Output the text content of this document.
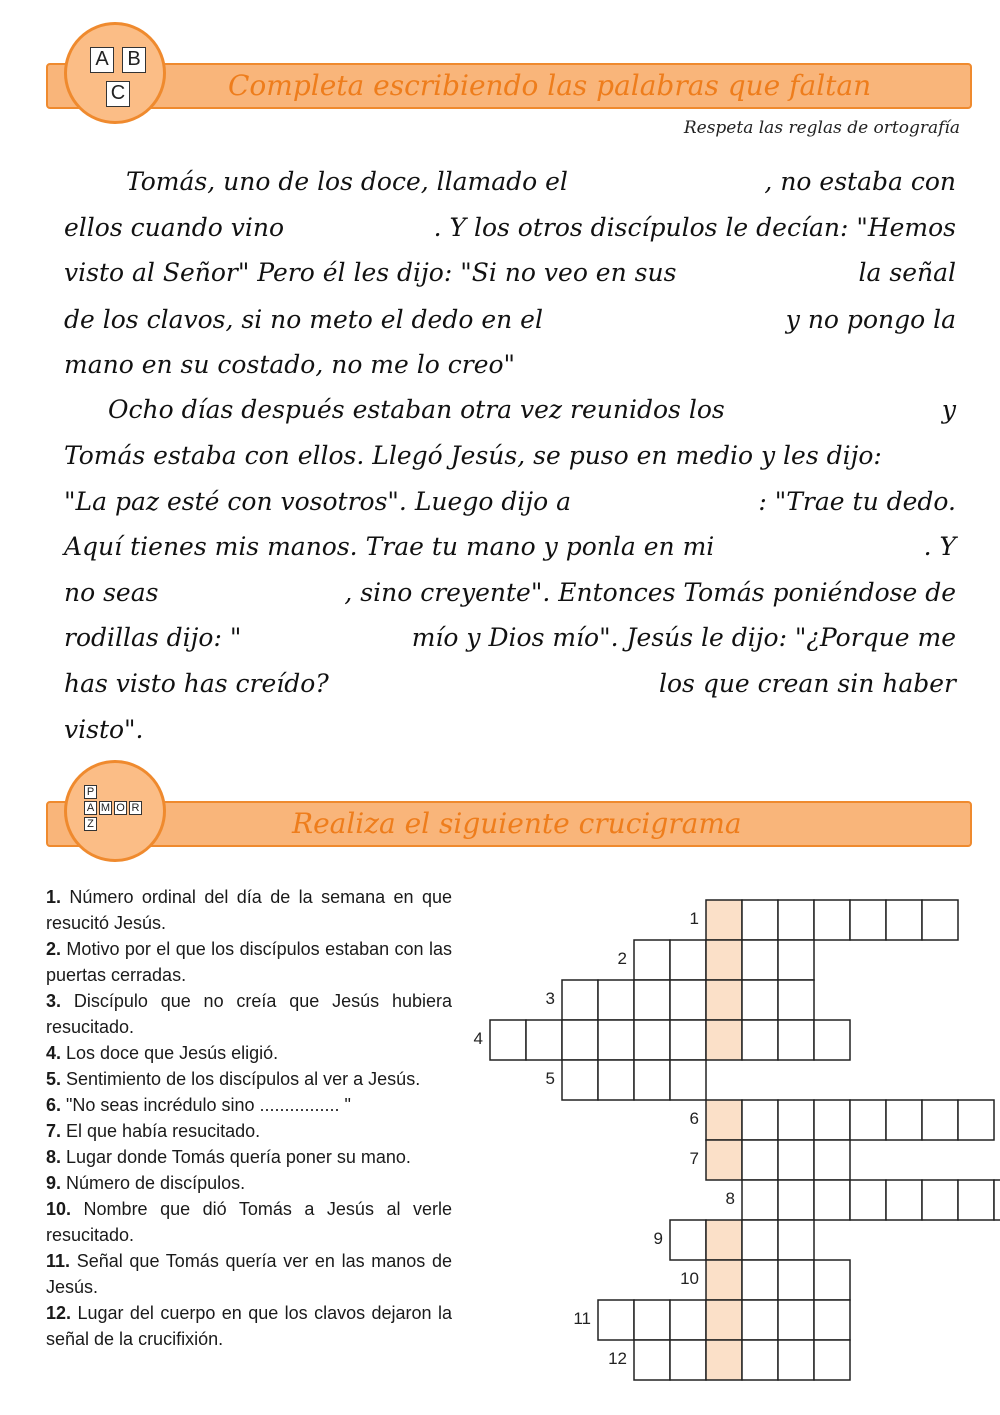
Completa escribiendo las palabras que faltan
A B
C
Respeta las reglas de ortografía
Tomás, uno de los doce, llamado el	, no estaba con
ellos cuando vino	. Y los otros discípulos le decían: "Hemos
visto al Señor" Pero él les dijo: "Si no veo en sus	la señal
de los clavos, si no meto el dedo en el	y no pongo la
mano en su costado, no me lo creo"
Ocho días después estaban otra vez reunidos los	y
Tomás estaba con ellos. Llegó Jesús, se puso en medio y les dijo:
"La paz esté con vosotros". Luego dijo a	: "Trae tu dedo.
Aquí tienes mis manos. Trae tu mano y ponla en mi	. Y
no seas	, sino creyente". Entonces Tomás poniéndose de
rodillas dijo: "	mío y Dios mío". Jesús le dijo: "¿Porque me
has visto has creído?	los que crean sin haber
visto".
Realiza el siguiente crucigrama
P
A M O R
Z

1. Número ordinal del día de la semana en que resucitó Jesús.

2. Motivo por el que los discípulos estaban con las puertas cerradas.

3. Discípulo que no creía que Jesús hubiera resucitado.

4. Los doce que Jesús eligió.

5. Sentimiento de los discípulos al ver a Jesús.

6. "No seas incrédulo sino ................ "

7. El que había resucitado.

8. Lugar donde Tomás quería poner su mano.

9. Número de discípulos.

10. Nombre que dió Tomás a Jesús al verle resucitado.

11. Señal que Tomás quería ver en las manos de Jesús.

12. Lugar del cuerpo en que los clavos dejaron la señal de la crucifixión.

1
2
3
4
5
6
7
8
9
10
11
12
